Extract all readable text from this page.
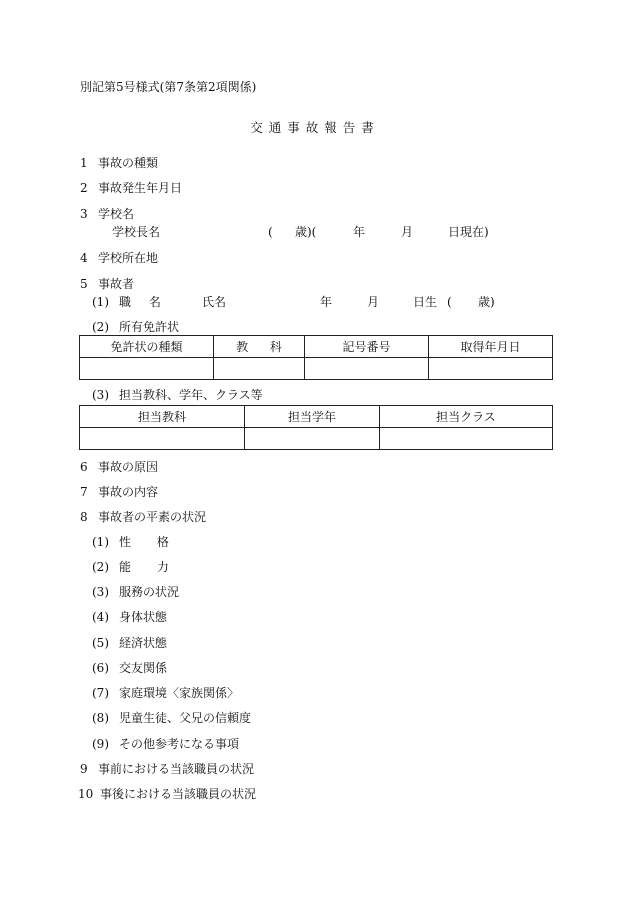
別記第5号様式(第7条第2項関係)
交通事故報告書
1 事故の種類
2 事故発生年月日
3 学校名
学校長名	( 歳)(	年	月	日現在)
4 学校所在地
5 事故者
(1) 職 名	氏名	年	月	日生 ( 歳)
(2) 所有免許状
免許状の種類	教 科	記号番号	取得年月日

(3) 担当教科、学年、クラス等
担当教科	担当学年	担当クラス

6 事故の原因
7 事故の内容
8 事故者の平素の状況
(1) 性 格
(2) 能 力
(3) 服務の状況
(4) 身体状態
(5) 経済状態
(6) 交友関係
(7) 家庭環境〈家族関係〉
(8) 児童生徒、父兄の信頼度
(9) その他参考になる事項
9 事前における当該職員の状況
10 事後における当該職員の状況
